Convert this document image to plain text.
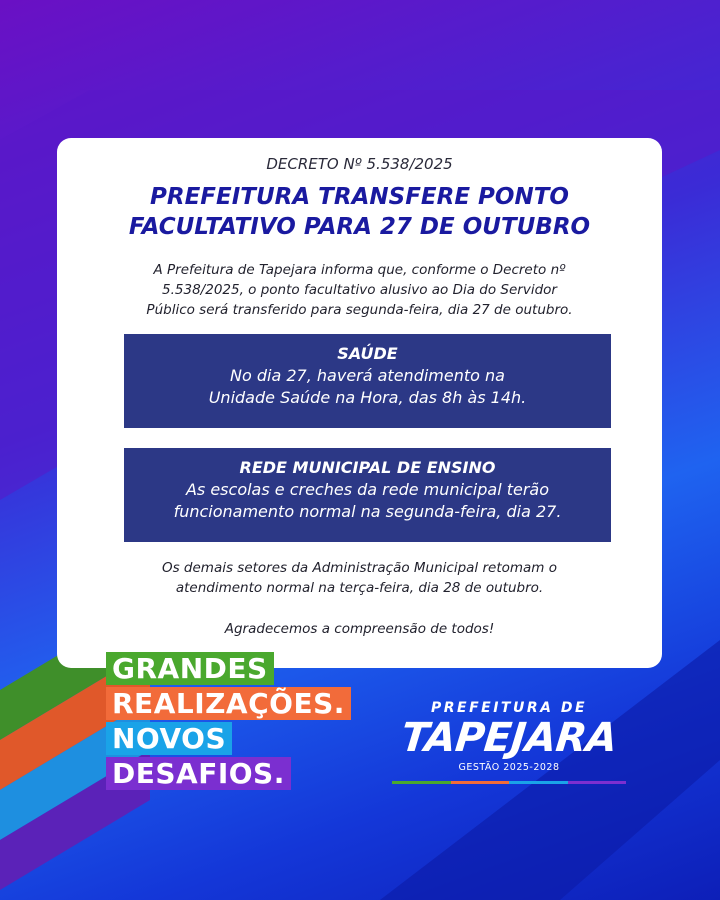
DECRETO Nº 5.538/2025
PREFEITURA TRANSFERE PONTO
FACULTATIVO PARA 27 DE OUTUBRO
A Prefeitura de Tapejara informa que, conforme o Decreto nº
5.538/2025, o ponto facultativo alusivo ao Dia do Servidor
Público será transferido para segunda-feira, dia 27 de outubro.
SAÚDE
No dia 27, haverá atendimento na
Unidade Saúde na Hora, das 8h às 14h.
REDE MUNICIPAL DE ENSINO
As escolas e creches da rede municipal terão
funcionamento normal na segunda-feira, dia 27.
Os demais setores da Administração Municipal retomam o
atendimento normal na terça-feira, dia 28 de outubro.
Agradecemos a compreensão de todos!
GRANDES
REALIZAÇÕES.
NOVOS
DESAFIOS.
PREFEITURA DE
TAPEJARA
GESTÃO 2025-2028
